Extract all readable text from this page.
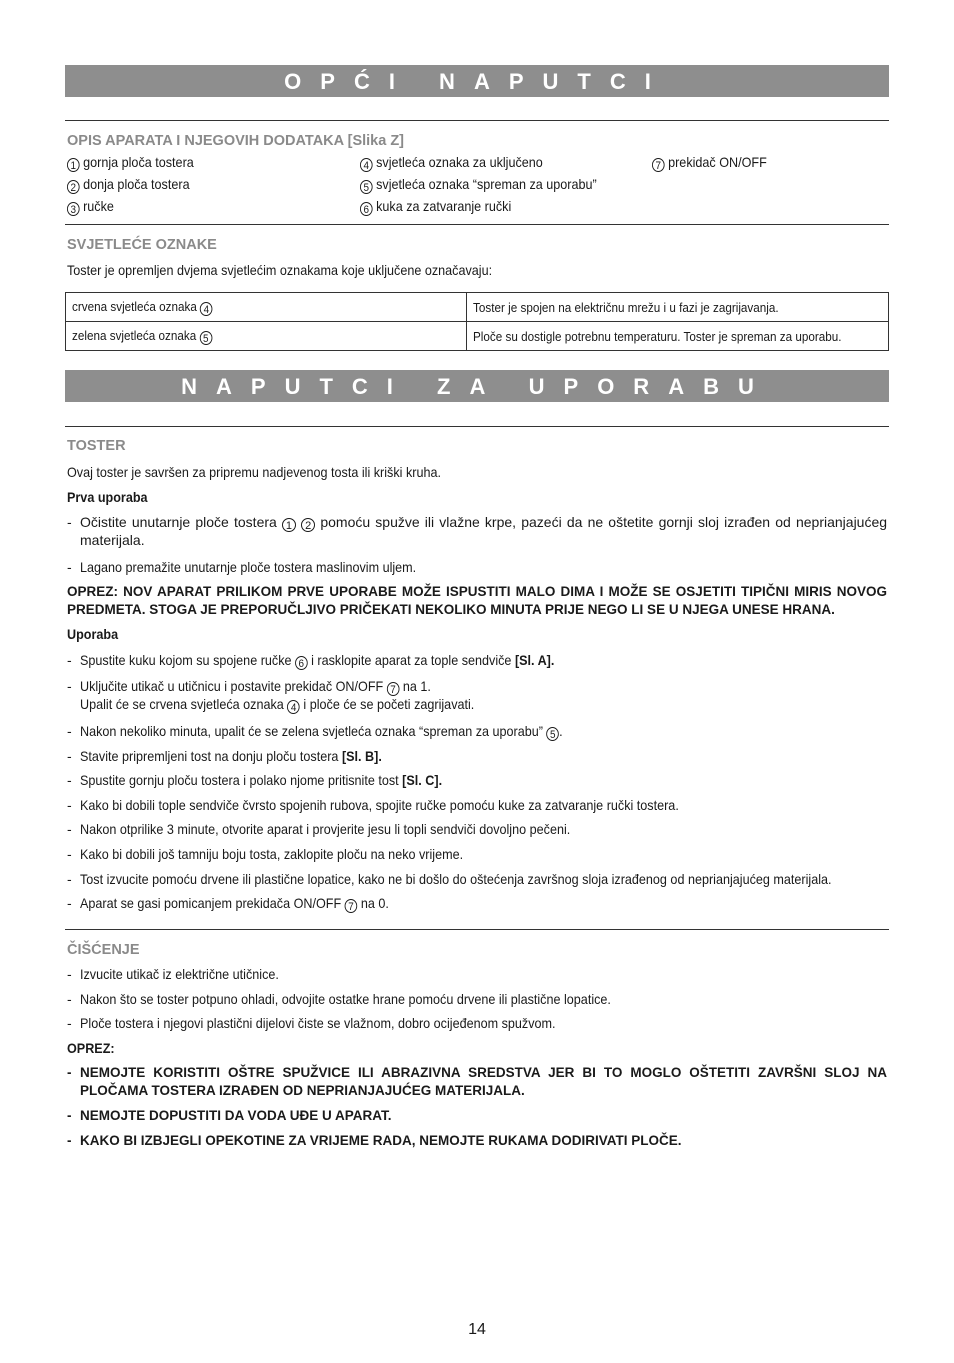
OPĆI NAPUTCI
OPIS APARATA I NJEGOVIH DODATAKA [Slika Z]
1 gornja ploča tostera
2 donja ploča tostera
3 ručke
4 svjetleća oznaka za uključeno
5 svjetleća oznaka “spreman za uporabu”
6 kuka za zatvaranje ručki
7 prekidač ON/OFF
SVJETLEĆE OZNAKE
Toster je opremljen dvjema svjetlećim oznakama koje uključene označavaju:
crvena svjetleća oznaka 4	Toster je spojen na električnu mrežu i u fazi je zagrijavanja.
zelena svjetleća oznaka 5	Ploče su dostigle potrebnu temperaturu. Toster je spreman za uporabu.
NAPUTCI ZA UPORABU
TOSTER
Ovaj toster je savršen za pripremu nadjevenog tosta ili kriški kruha.
Prva uporaba
- Očistite unutarnje ploče tostera 1 2 pomoću spužve ili vlažne krpe, pazeći da ne oštetite gornji sloj izrađen od neprianjajućeg materijala.
- Lagano premažite unutarnje ploče tostera maslinovim uljem.
OPREZ: NOV APARAT PRILIKOM PRVE UPORABE MOŽE ISPUSTITI MALO DIMA I MOŽE SE OSJETITI TIPIČNI MIRIS NOVOG PREDMETA. STOGA JE PREPORUČLJIVO PRIČEKATI NEKOLIKO MINUTA PRIJE NEGO LI SE U NJEGA UNESE HRANA.
Uporaba
- Spustite kuku kojom su spojene ručke 6 i rasklopite aparat za tople sendviče [Sl. A].
- Uključite utikač u utičnicu i postavite prekidač ON/OFF 7 na 1.
Upalit će se crvena svjetleća oznaka 4 i ploče će se početi zagrijavati.
- Nakon nekoliko minuta, upalit će se zelena svjetleća oznaka “spreman za uporabu” 5 .
- Stavite pripremljeni tost na donju ploču tostera [Sl. B].
- Spustite gornju ploču tostera i polako njome pritisnite tost [Sl. C].
- Kako bi dobili tople sendviče čvrsto spojenih rubova, spojite ručke pomoću kuke za zatvaranje ručki tostera.
- Nakon otprilike 3 minute, otvorite aparat i provjerite jesu li topli sendviči dovoljno pečeni.
- Kako bi dobili još tamniju boju tosta, zaklopite ploču na neko vrijeme.
- Tost izvucite pomoću drvene ili plastične lopatice, kako ne bi došlo do oštećenja završnog sloja izrađenog od neprianjajućeg materijala.
- Aparat se gasi pomicanjem prekidača ON/OFF 7 na 0.
ČIŠĆENJE
- Izvucite utikač iz električne utičnice.
- Nakon što se toster potpuno ohladi, odvojite ostatke hrane pomoću drvene ili plastične lopatice.
- Ploče tostera i njegovi plastični dijelovi čiste se vlažnom, dobro ocijeđenom spužvom.
OPREZ:
- NEMOJTE KORISTITI OŠTRE SPUŽVICE ILI ABRAZIVNA SREDSTVA JER BI TO MOGLO OŠTETITI ZAVRŠNI SLOJ NA PLOČAMA TOSTERA IZRAĐEN OD NEPRIANJAJUĆEG MATERIJALA.
- NEMOJTE DOPUSTITI DA VODA UĐE U APARAT.
- KAKO BI IZBJEGLI OPEKOTINE ZA VRIJEME RADA, NEMOJTE RUKAMA DODIRIVATI PLOČE.
14
